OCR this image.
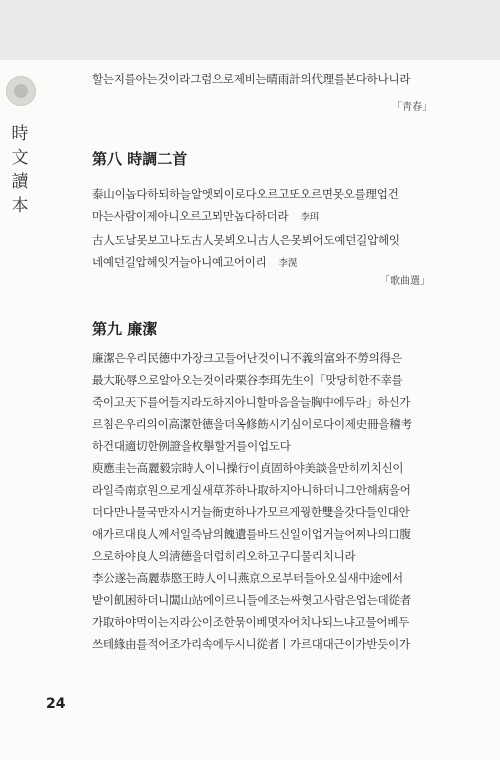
時文讀本
할는지를아는것이라그럼으로제비는晴雨計의代理를본다하나니라
「靑春」
第八 時調二首
泰山이놉다하되하늘알엣뫼이로다오르고또오르면못오를理업건
마는사람이제아니오르고뫼만놉다하더라 李珥
古人도날못보고나도古人못뵈오니古人은못뵈어도예던길압헤잇
네예던길압헤잇거늘아니예고어이리 李滉
「歌曲選」
第九 廉潔
廉潔은우리民德中가장크고들어난것이니不義의富와不勞의得은
最大恥辱으로알아오는것이라栗谷李珥先生이「맛당히한不幸를
죽이고天下를어들지라도하지아니할마음을늘胸中에두라」하신가
르침은우리의이高潔한德을더옥修飭시기심이로다이제史冊을稽考
하건대適切한例證을枚擧할거를이업도다
庾應圭는高麗毅宗時人이니操行이貞固하야美談을만히끼치신이
라일즉南京원으로게실새草芥하나取하지아니하더니그안해病을어
더다만나물국만자시거늘衙吏하나가모르게꿩한雙을갓다들인대안
애가르대良人께서일즉남의餽遺를바드신일이업거늘어찌나의口腹
으로하야良人의淸德을더럽히리오하고구디물리치니라
李公遂는高麗恭愍王時人이니燕京으로부터들아오실새中途에서
밭이飢困하더니闆山站에이르니들에조는싸혓고사람은업는데從者
가取하야먹이는지라公이조한묶이베몃자어치나되느냐고물어베두
쓰테緣由를적어조가리속에두시니從者ㅣ가르대대근이가반듯이가
24
